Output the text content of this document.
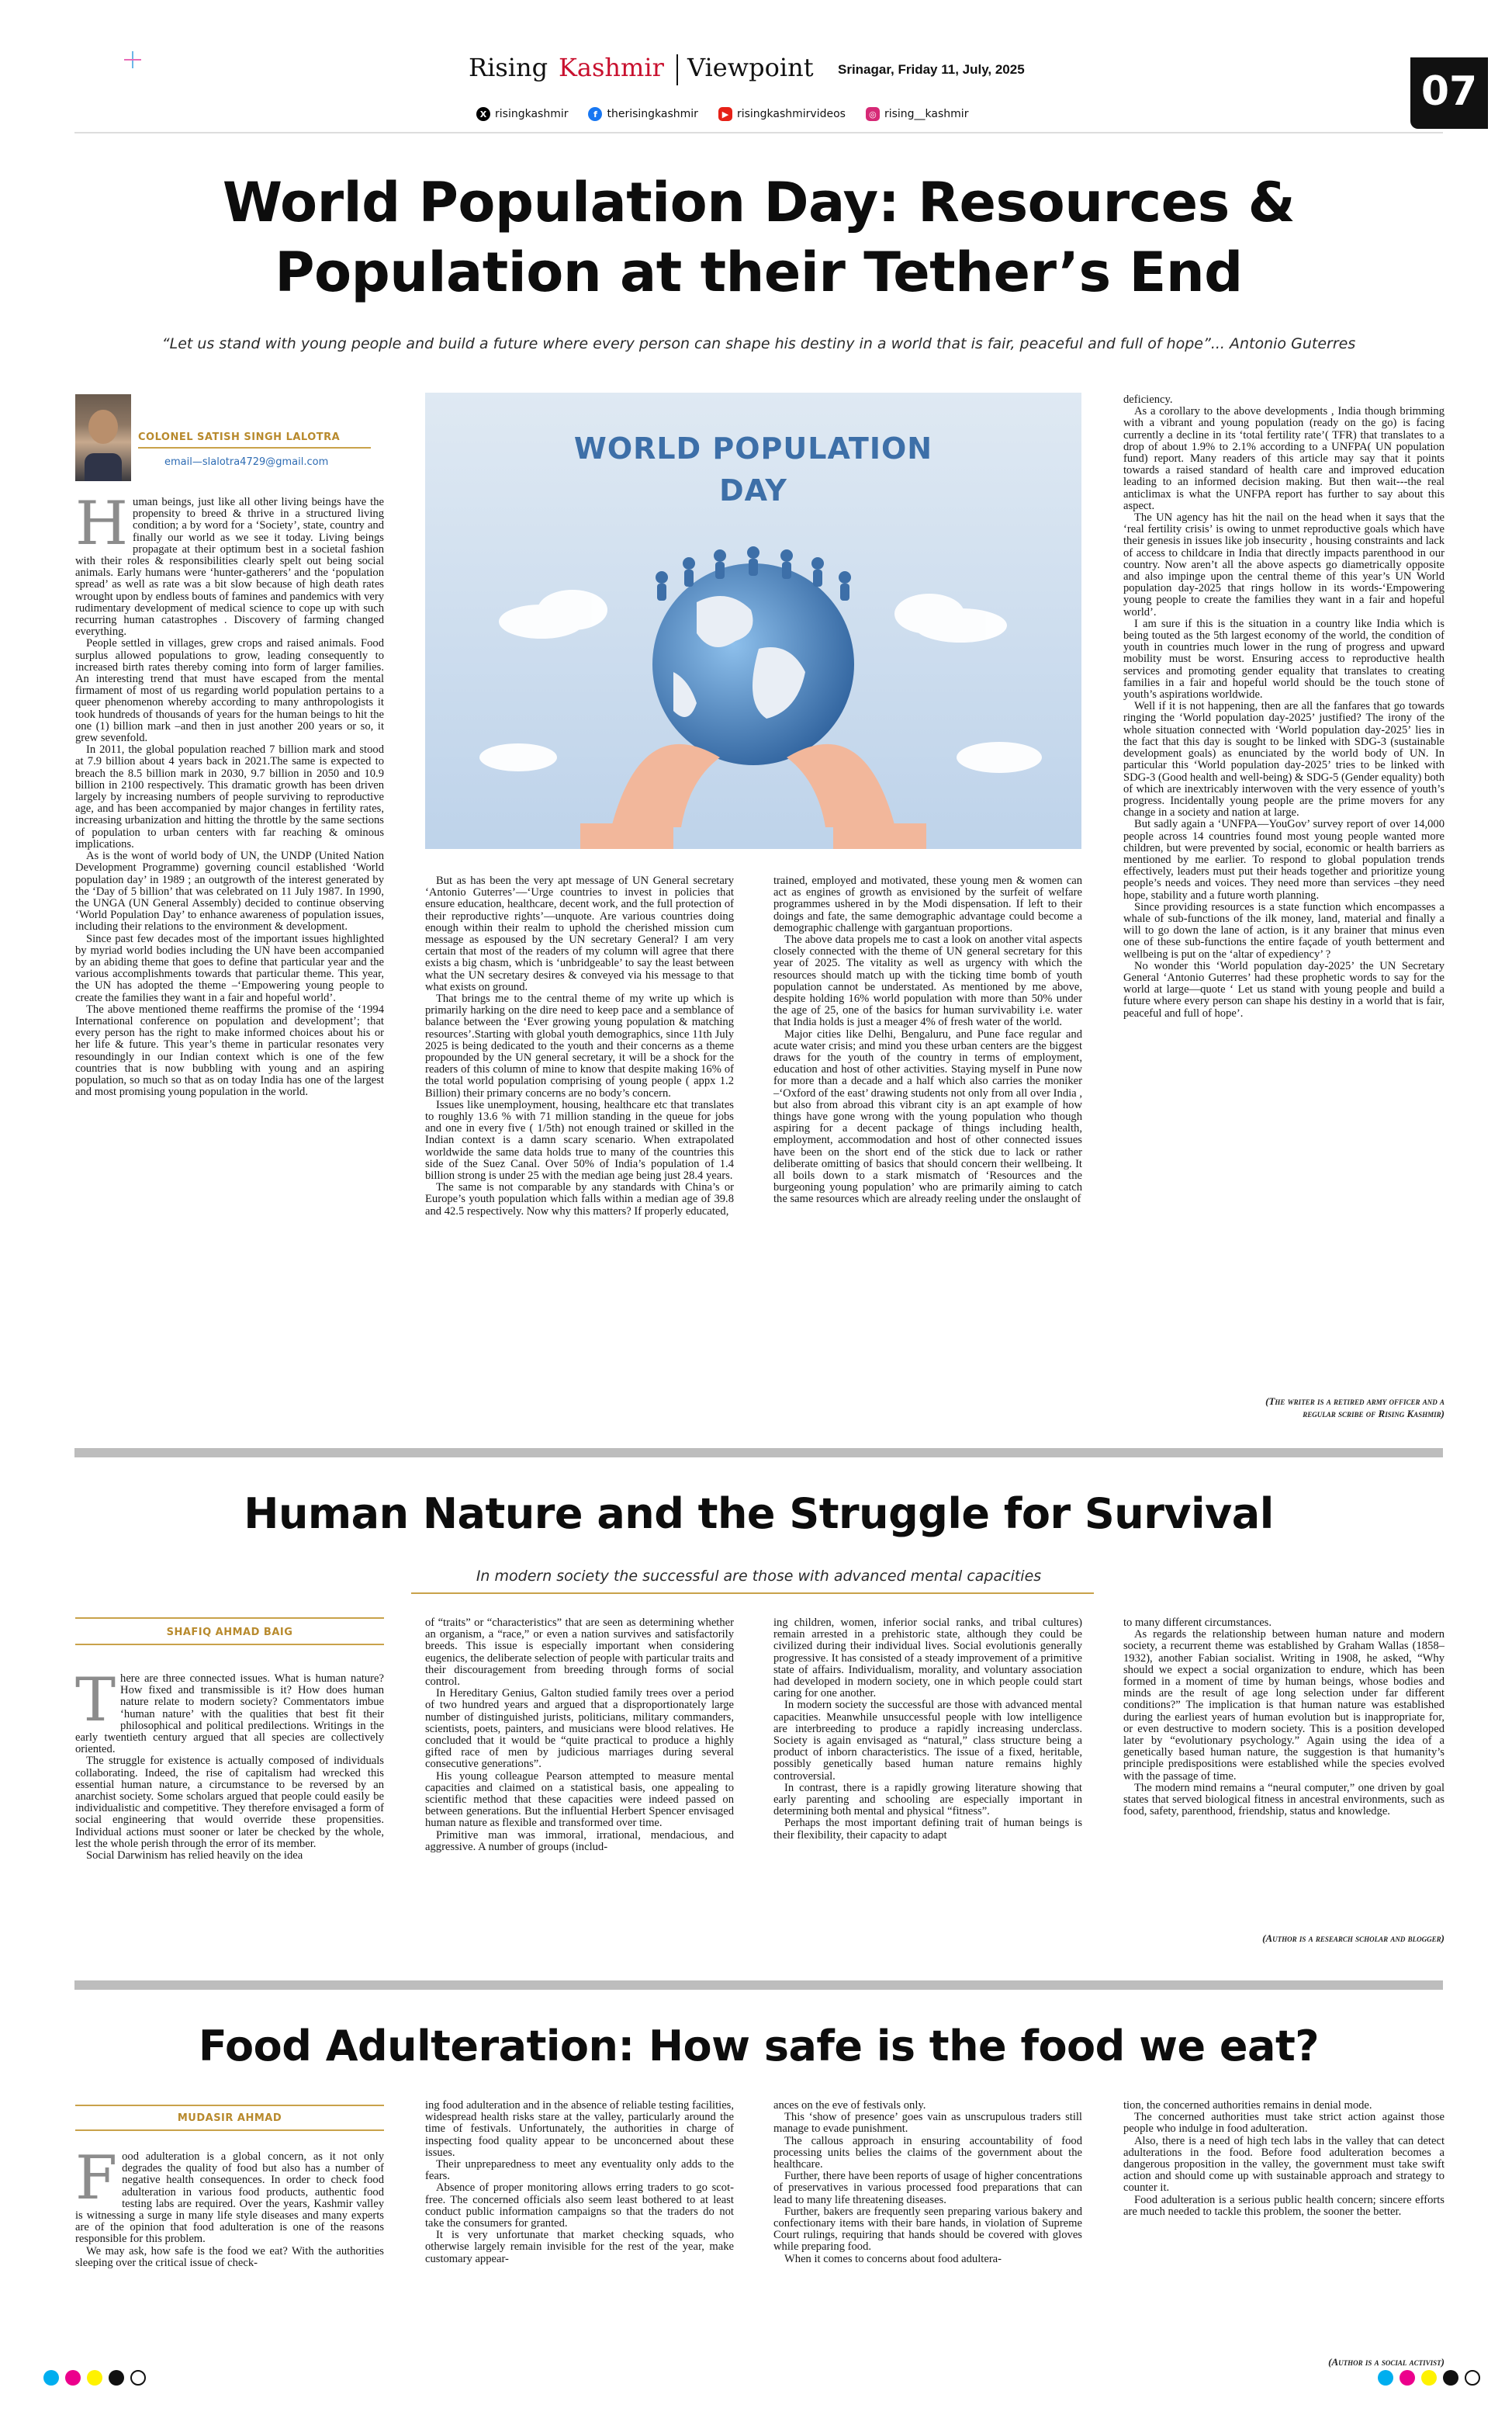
Rising Kashmir Viewpoint Srinagar, Friday 11, July, 2025	07
X risingkashmir	f therisingkashmir	▶ risingkashmirvideos	◎ rising__kashmir
World Population Day: Resources &
Population at their Tether’s End
“Let us stand with young people and build a future where every person can shape his destiny in a world that is fair, peaceful and full of hope”... Antonio Guterres
COLONEL SATISH SINGH LALOTRA
email—slalotra4729@gmail.com	WORLD POPULATION
DAY
H uman beings, just like all other living beings have the propensity to breed & thrive in a structured living condition; a by word for a ‘Society’, state, country and finally our world as we see it today. Living beings propagate at their optimum best in a societal fashion with their roles & responsibilities clearly spelt out being social animals. Early humans were ‘hunter-gatherers’ and the ‘population spread’ as well as rate was a bit slow because of high death rates wrought upon by endless bouts of famines and pandemics with very rudimentary development of medical science to cope up with such recurring human catastrophes . Discovery of farming changed everything.

People settled in villages, grew crops and raised animals. Food surplus allowed populations to grow, leading consequently to increased birth rates thereby coming into form of larger families. An interesting trend that must have escaped from the mental firmament of most of us regarding world population pertains to a queer phenomenon whereby according to many anthropologists it took hundreds of thousands of years for the human beings to hit the one (1) billion mark –and then in just another 200 years or so, it grew sevenfold.

In 2011, the global population reached 7 billion mark and stood at 7.9 billion about 4 years back in 2021.The same is expected to breach the 8.5 billion mark in 2030, 9.7 billion in 2050 and 10.9 billion in 2100 respectively. This dramatic growth has been driven largely by increasing numbers of people surviving to reproductive age, and has been accompanied by major changes in fertility rates, increasing urbanization and hitting the throttle by the same sections of population to urban centers with far reaching & ominous implications.

As is the wont of world body of UN, the UNDP (United Nation Development Programme) governing council established ‘World population day’ in 1989 ; an outgrowth of the interest generated by the ‘Day of 5 billion’ that was celebrated on 11 July 1987. In 1990, the UNGA (UN General Assembly) decided to continue observing ‘World Population Day’ to enhance awareness of population issues, including their relations to the environment & development.

Since past few decades most of the important issues highlighted by myriad world bodies including the UN have been accompanied by an abiding theme that goes to define that particular year and the various accomplishments towards that particular theme. This year, the UN has adopted the theme –‘Empowering young people to create the families they want in a fair and hopeful world’.

The above mentioned theme reaffirms the promise of the ‘1994 International conference on population and development’; that every person has the right to make informed choices about his or her life & future. This year’s theme in particular resonates very resoundingly in our Indian context which is one of the few countries that is now bubbling with young and an aspiring population, so much so that as on today India has one of the largest and most promising young population in the world.

But as has been the very apt message of UN General secretary ‘Antonio Guterres’—‘Urge countries to invest in policies that ensure education, healthcare, decent work, and the full protection of their reproductive rights’—unquote. Are various countries doing enough within their realm to uphold the cherished mission cum message as espoused by the UN secretary General? I am very certain that most of the readers of my column will agree that there exists a big chasm, which is ‘unbridgeable’ to say the least between what the UN secretary desires & conveyed via his message to that what exists on ground.

That brings me to the central theme of my write up which is primarily harking on the dire need to keep pace and a semblance of balance between the ‘Ever growing young population & matching resources’.Starting with global youth demographics, since 11th July 2025 is being dedicated to the youth and their concerns as a theme propounded by the UN general secretary, it will be a shock for the readers of this column of mine to know that despite making 16% of the total world population comprising of young people ( appx 1.2 Billion) their primary concerns are no body’s concern.

Issues like unemployment, housing, healthcare etc that translates to roughly 13.6 % with 71 million standing in the queue for jobs and one in every five ( 1/5th) not enough trained or skilled in the Indian context is a damn scary scenario. When extrapolated worldwide the same data holds true to many of the countries this side of the Suez Canal. Over 50% of India’s population of 1.4 billion strong is under 25 with the median age being just 28.4 years.

The same is not comparable by any standards with China’s or Europe’s youth population which falls within a median age of 39.8 and 42.5 respectively. Now why this matters? If properly educated,

trained, employed and motivated, these young men & women can act as engines of growth as envisioned by the surfeit of welfare programmes ushered in by the Modi dispensation. If left to their doings and fate, the same demographic advantage could become a demographic challenge with gargantuan proportions.

The above data propels me to cast a look on another vital aspects closely connected with the theme of UN general secretary for this year of 2025. The vitality as well as urgency with which the resources should match up with the ticking time bomb of youth population cannot be understated. As mentioned by me above, despite holding 16% world population with more than 50% under the age of 25, one of the basics for human survivability i.e. water that India holds is just a meager 4% of fresh water of the world.

Major cities like Delhi, Bengaluru, and Pune face regular and acute water crisis; and mind you these urban centers are the biggest draws for the youth of the country in terms of employment, education and host of other activities. Staying myself in Pune now for more than a decade and a half which also carries the moniker –‘Oxford of the east’ drawing students not only from all over India , but also from abroad this vibrant city is an apt example of how things have gone wrong with the young population who though aspiring for a decent package of things including health, employment, accommodation and host of other connected issues have been on the short end of the stick due to lack or rather deliberate omitting of basics that should concern their wellbeing. It all boils down to a stark mismatch of ‘Resources and the burgeoning young population’ who are primarily aiming to catch the same resources which are already reeling under the onslaught of

deficiency.

As a corollary to the above developments , India though brimming with a vibrant and young population (ready on the go) is facing currently a decline in its ‘total fertility rate’( TFR) that translates to a drop of about 1.9% to 2.1% according to a UNFPA( UN population fund) report. Many readers of this article may say that it points towards a raised standard of health care and improved education leading to an informed decision making. But then wait---the real anticlimax is what the UNFPA report has further to say about this aspect.

The UN agency has hit the nail on the head when it says that the ‘real fertility crisis’ is owing to unmet reproductive goals which have their genesis in issues like job insecurity , housing constraints and lack of access to childcare in India that directly impacts parenthood in our country. Now aren’t all the above aspects go diametrically opposite and also impinge upon the central theme of this year’s UN World population day-2025 that rings hollow in its words-‘Empowering young people to create the families they want in a fair and hopeful world’.

I am sure if this is the situation in a country like India which is being touted as the 5th largest economy of the world, the condition of youth in countries much lower in the rung of progress and upward mobility must be worst. Ensuring access to reproductive health services and promoting gender equality that translates to creating families in a fair and hopeful world should be the touch stone of youth’s aspirations worldwide.

Well if it is not happening, then are all the fanfares that go towards ringing the ‘World population day-2025’ justified? The irony of the whole situation connected with ‘World population day-2025’ lies in the fact that this day is sought to be linked with SDG-3 (sustainable development goals) as enunciated by the world body of UN. In particular this ‘World population day-2025’ tries to be linked with SDG-3 (Good health and well-being) & SDG-5 (Gender equality) both of which are inextricably interwoven with the very essence of youth’s progress. Incidentally young people are the prime movers for any change in a society and nation at large.

But sadly again a ‘UNFPA—YouGov’ survey report of over 14,000 people across 14 countries found most young people wanted more children, but were prevented by social, economic or health barriers as mentioned by me earlier. To respond to global population trends effectively, leaders must put their heads together and prioritize young people’s needs and voices. They need more than services –they need hope, stability and a future worth planning.

Since providing resources is a state function which encompasses a whale of sub-functions of the ilk money, land, material and finally a will to go down the lane of action, is it any brainer that minus even one of these sub-functions the entire façade of youth betterment and wellbeing is put on the ‘altar of expediency’ ?

No wonder this ‘World population day-2025’ the UN Secretary General ‘Antonio Guterres’ had these prophetic words to say for the world at large—quote ‘ Let us stand with young people and build a future where every person can shape his destiny in a world that is fair, peaceful and full of hope’.

(The writer is a retired army officer and a
regular scribe of Rising Kashmir)
Human Nature and the Struggle for Survival
In modern society the successful are those with advanced mental capacities
SHAFIQ AHMAD BAIG
T here are three connected issues. What is human nature? How fixed and transmissible is it? How does human nature relate to modern society? Commentators imbue ‘human nature’ with the qualities that best fit their philosophical and political predilections. Writings in the early twentieth century argued that all species are collectively oriented.

The struggle for existence is actually composed of individuals collaborating. Indeed, the rise of capitalism had wrecked this essential human nature, a circumstance to be reversed by an anarchist society. Some scholars argued that people could easily be individualistic and competitive. They therefore envisaged a form of social engineering that would override these propensities. Individual actions must sooner or later be checked by the whole, lest the whole perish through the error of its member.

Social Darwinism has relied heavily on the idea

of “traits” or “characteristics” that are seen as determining whether an organism, a “race,” or even a nation survives and satisfactorily breeds. This issue is especially important when considering eugenics, the deliberate selection of people with particular traits and their discouragement from breeding through forms of social control.

In Hereditary Genius, Galton studied family trees over a period of two hundred years and argued that a disproportionately large number of distinguished jurists, politicians, military commanders, scientists, poets, painters, and musicians were blood relatives. He concluded that it would be “quite practical to produce a highly gifted race of men by judicious marriages during several consecutive generations”.

His young colleague Pearson attempted to measure mental capacities and claimed on a statistical basis, one appealing to scientific method that these capacities were indeed passed on between generations. But the influential Herbert Spencer envisaged human nature as flexible and transformed over time.

Primitive man was immoral, irrational, mendacious, and aggressive. A number of groups (includ-

ing children, women, inferior social ranks, and tribal cultures) remain arrested in a prehistoric state, although they could be civilized during their individual lives. Social evolutionis generally progressive. It has consisted of a steady improvement of a primitive state of affairs. Individualism, morality, and voluntary association had developed in modern society, one in which people could start caring for one another.

In modern society the successful are those with advanced mental capacities. Meanwhile unsuccessful people with low intelligence are interbreeding to produce a rapidly increasing underclass. Society is again envisaged as “natural,” class structure being a product of inborn characteristics. The issue of a fixed, heritable, possibly genetically based human nature remains highly controversial.

In contrast, there is a rapidly growing literature showing that early parenting and schooling are especially important in determining both mental and physical “fitness”.

Perhaps the most important defining trait of human beings is their flexibility, their capacity to adapt

to many different circumstances.

As regards the relationship between human nature and modern society, a recurrent theme was established by Graham Wallas (1858–1932), another Fabian socialist. Writing in 1908, he asked, “Why should we expect a social organization to endure, which has been formed in a moment of time by human beings, whose bodies and minds are the result of age long selection under far different conditions?” The implication is that human nature was established during the earliest years of human evolution but is inappropriate for, or even destructive to modern society. This is a position developed later by “evolutionary psychology.” Again using the idea of a genetically based human nature, the suggestion is that humanity’s principle predispositions were established while the species evolved with the passage of time.

The modern mind remains a “neural computer,” one driven by goal states that served biological fitness in ancestral environments, such as food, safety, parenthood, friendship, status and knowledge.

(Author is a research scholar and blogger)
Food Adulteration: How safe is the food we eat?
MUDASIR AHMAD
F ood adulteration is a global concern, as it not only degrades the quality of food but also has a number of negative health consequences. In order to check food adulteration in various food products, authentic food testing labs are required. Over the years, Kashmir valley is witnessing a surge in many life style diseases and many experts are of the opinion that food adulteration is one of the reasons responsible for this problem.

We may ask, how safe is the food we eat? With the authorities sleeping over the critical issue of check-

ing food adulteration and in the absence of reliable testing facilities, widespread health risks stare at the valley, particularly around the time of festivals. Unfortunately, the authorities in charge of inspecting food quality appear to be unconcerned about these issues.

Their unpreparedness to meet any eventuality only adds to the fears.

Absence of proper monitoring allows erring traders to go scot-free. The concerned officials also seem least bothered to at least conduct public information campaigns so that the traders do not take the consumers for granted.

It is very unfortunate that market checking squads, who otherwise largely remain invisible for the rest of the year, make customary appear-

ances on the eve of festivals only.

This ‘show of presence’ goes vain as unscrupulous traders still manage to evade punishment.

The callous approach in ensuring accountability of food processing units belies the claims of the government about the healthcare.

Further, there have been reports of usage of higher concentrations of preservatives in various processed food preparations that can lead to many life threatening diseases.

Further, bakers are frequently seen preparing various bakery and confectionary items with their bare hands, in violation of Supreme Court rulings, requiring that hands should be covered with gloves while preparing food.

When it comes to concerns about food adultera-

tion, the concerned authorities remains in denial mode.

The concerned authorities must take strict action against those people who indulge in food adulteration.

Also, there is a need of high tech labs in the valley that can detect adulterations in the food. Before food adulteration becomes a dangerous proposition in the valley, the government must take swift action and should come up with sustainable approach and strategy to counter it.

Food adulteration is a serious public health concern; sincere efforts are much needed to tackle this problem, the sooner the better.

(Author is a social activist)
